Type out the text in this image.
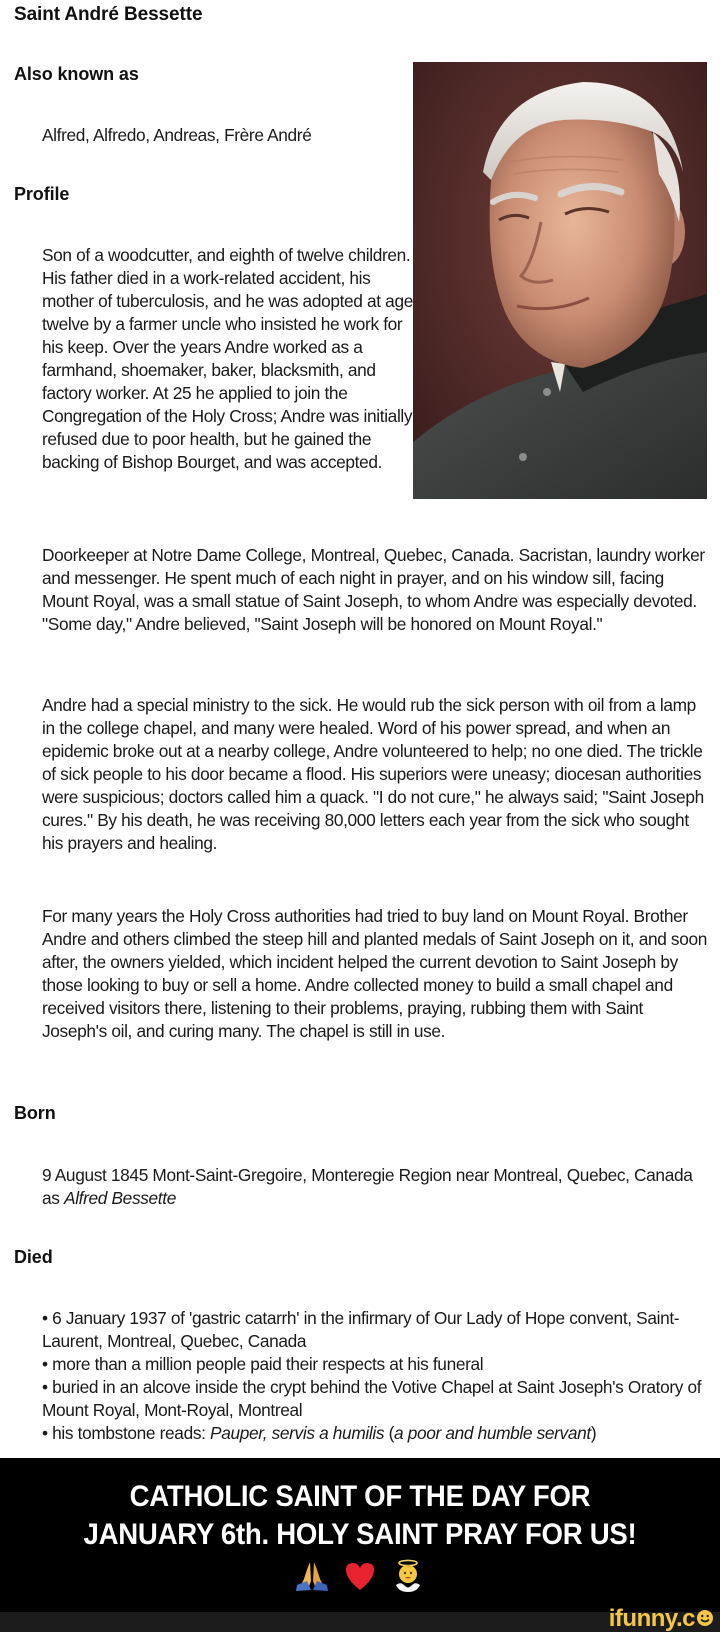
Saint André Bessette
Also known as
Alfred, Alfredo, Andreas, Frère André
Profile
Son of a woodcutter, and eighth of twelve children. His father died in a work-related accident, his mother of tuberculosis, and he was adopted at age twelve by a farmer uncle who insisted he work for his keep. Over the years Andre worked as a farmhand, shoemaker, baker, blacksmith, and factory worker. At 25 he applied to join the Congregation of the Holy Cross; Andre was initially refused due to poor health, but he gained the backing of Bishop Bourget, and was accepted.
Doorkeeper at Notre Dame College, Montreal, Quebec, Canada. Sacristan, laundry worker and messenger. He spent much of each night in prayer, and on his window sill, facing Mount Royal, was a small statue of Saint Joseph, to whom Andre was especially devoted. "Some day," Andre believed, "Saint Joseph will be honored on Mount Royal."
Andre had a special ministry to the sick. He would rub the sick person with oil from a lamp in the college chapel, and many were healed. Word of his power spread, and when an epidemic broke out at a nearby college, Andre volunteered to help; no one died. The trickle of sick people to his door became a flood. His superiors were uneasy; diocesan authorities were suspicious; doctors called him a quack. "I do not cure," he always said; "Saint Joseph cures." By his death, he was receiving 80,000 letters each year from the sick who sought his prayers and healing.
For many years the Holy Cross authorities had tried to buy land on Mount Royal. Brother Andre and others climbed the steep hill and planted medals of Saint Joseph on it, and soon after, the owners yielded, which incident helped the current devotion to Saint Joseph by those looking to buy or sell a home. Andre collected money to build a small chapel and received visitors there, listening to their problems, praying, rubbing them with Saint Joseph's oil, and curing many. The chapel is still in use.
Born
9 August 1845 Mont-Saint-Gregoire, Monteregie Region near Montreal, Quebec, Canada as Alfred Bessette
Died

• 6 January 1937 of 'gastric catarrh' in the infirmary of Our Lady of Hope convent, Saint-Laurent, Montreal, Quebec, Canada

• more than a million people paid their respects at his funeral

• buried in an alcove inside the crypt behind the Votive Chapel at Saint Joseph's Oratory of Mount Royal, Mont-Royal, Montreal

• his tombstone reads: Pauper, servis a humilis (a poor and humble servant)

CATHOLIC SAINT OF THE DAY FOR
JANUARY 6th. HOLY SAINT PRAY FOR US!
ifunny.c
